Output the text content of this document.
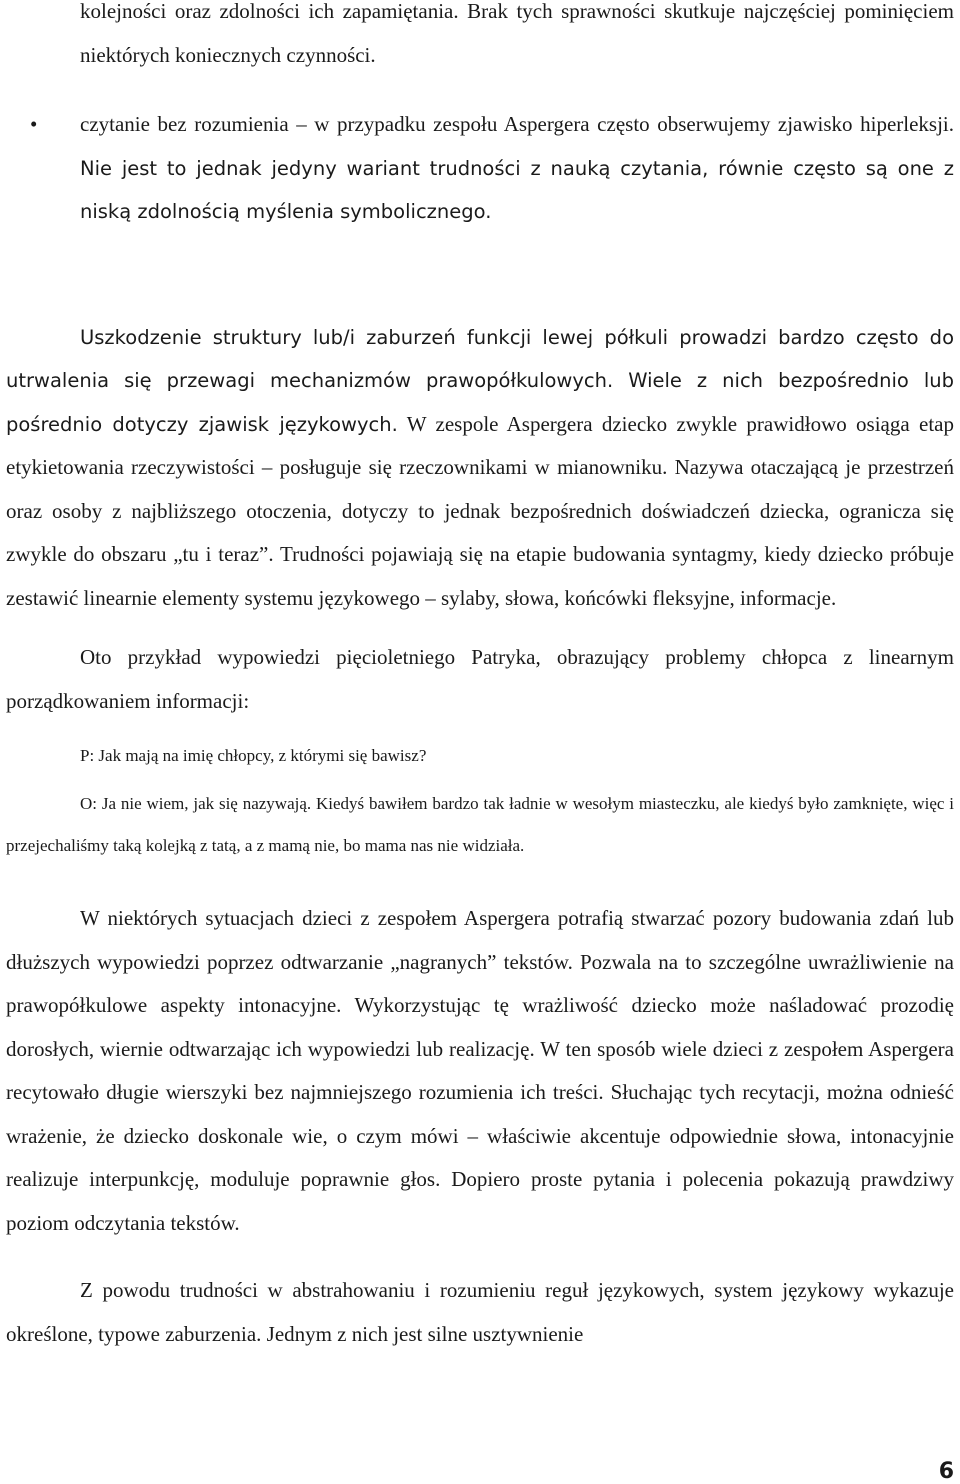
kolejności oraz zdolności ich zapamiętania. Brak tych sprawności skutkuje najczęściej pominięciem niektórych koniecznych czynności.

• czytanie bez rozumienia – w przypadku zespołu Aspergera często obserwujemy zjawisko hiperleksji. Nie jest to jednak jedyny wariant trudności z nauką czytania, równie często są one z niską zdolnością myślenia symbolicznego.

Uszkodzenie struktury lub/i zaburzeń funkcji lewej półkuli prowadzi bardzo często do utrwalenia się przewagi mechanizmów prawopółkulowych. Wiele z nich bezpośrednio lub pośrednio dotyczy zjawisk językowych. W zespole Aspergera dziecko zwykle prawidłowo osiąga etap etykietowania rzeczywistości – posługuje się rzeczownikami w mianowniku. Nazywa otaczającą je przestrzeń oraz osoby z najbliższego otoczenia, dotyczy to jednak bezpośrednich doświadczeń dziecka, ogranicza się zwykle do obszaru „tu i teraz”. Trudności pojawiają się na etapie budowania syntagmy, kiedy dziecko próbuje zestawić linearnie elementy systemu językowego – sylaby, słowa, końcówki fleksyjne, informacje.

Oto przykład wypowiedzi pięcioletniego Patryka, obrazujący problemy chłopca z linearnym porządkowaniem informacji:

P: Jak mają na imię chłopcy, z którymi się bawisz?

O: Ja nie wiem, jak się nazywają. Kiedyś bawiłem bardzo tak ładnie w wesołym miasteczku, ale kiedyś było zamknięte, więc i przejechaliśmy taką kolejką z tatą, a z mamą nie, bo mama nas nie widziała.

W niektórych sytuacjach dzieci z zespołem Aspergera potrafią stwarzać pozory budowania zdań lub dłuższych wypowiedzi poprzez odtwarzanie „nagranych” tekstów. Pozwala na to szczególne uwrażliwienie na prawopółkulowe aspekty intonacyjne. Wykorzystując tę wrażliwość dziecko może naśladować prozodię dorosłych, wiernie odtwarzając ich wypowiedzi lub realizację. W ten sposób wiele dzieci z zespołem Aspergera recytowało długie wierszyki bez najmniejszego rozumienia ich treści. Słuchając tych recytacji, można odnieść wrażenie, że dziecko doskonale wie, o czym mówi – właściwie akcentuje odpowiednie słowa, intonacyjnie realizuje interpunkcję, moduluje poprawnie głos. Dopiero proste pytania i polecenia pokazują prawdziwy poziom odczytania tekstów.

Z powodu trudności w abstrahowaniu i rozumieniu reguł językowych, system językowy wykazuje określone, typowe zaburzenia. Jednym z nich jest silne usztywnienie

6
